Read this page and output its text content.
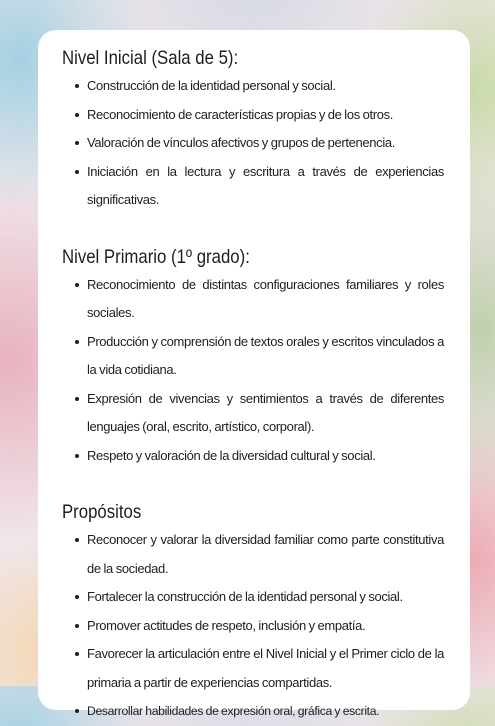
Nivel Inicial (Sala de 5):
Construcción de la identidad personal y social.
Reconocimiento de características propias y de los otros.
Valoración de vínculos afectivos y grupos de pertenencia.
Iniciación en la lectura y escritura a través de experiencias significativas.
Nivel Primario (1º grado):
Reconocimiento de distintas configuraciones familiares y roles sociales.
Producción y comprensión de textos orales y escritos vinculados a la vida cotidiana.
Expresión de vivencias y sentimientos a través de diferentes lenguajes (oral, escrito, artístico, corporal).
Respeto y valoración de la diversidad cultural y social.
Propósitos
Reconocer y valorar la diversidad familiar como parte constitutiva de la sociedad.
Fortalecer la construcción de la identidad personal y social.
Promover actitudes de respeto, inclusión y empatía.
Favorecer la articulación entre el Nivel Inicial y el Primer ciclo de la primaria a partir de experiencias compartidas.
Desarrollar habilidades de expresión oral, gráfica y escrita.
